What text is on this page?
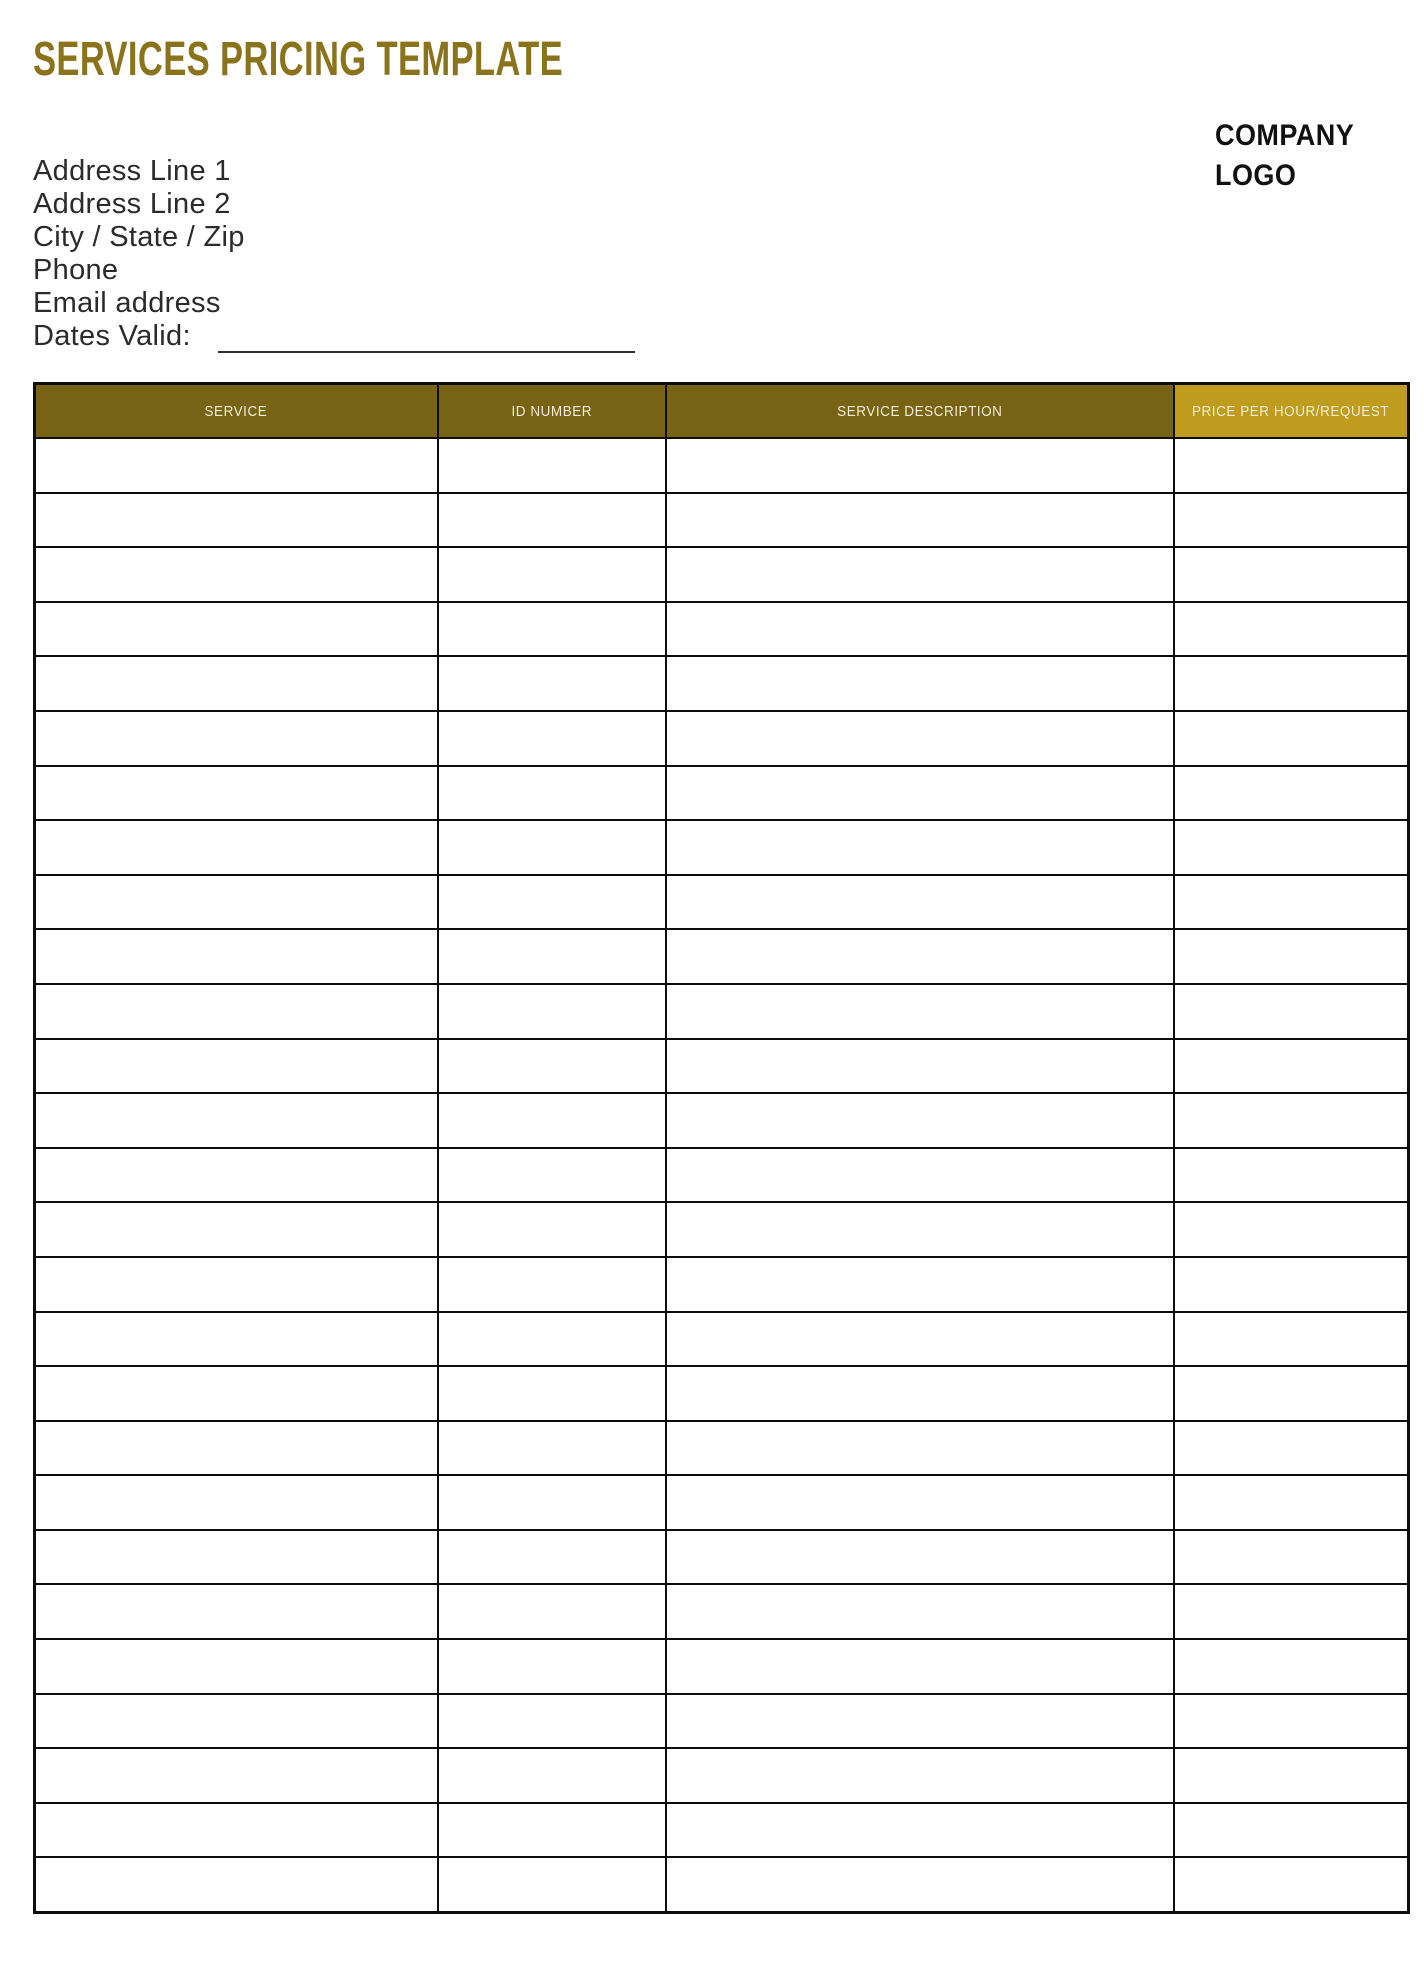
SERVICES PRICING TEMPLATE
COMPANY
LOGO
Address Line 1
Address Line 2
City / State / Zip
Phone
Email address
Dates Valid:
SERVICE	ID NUMBER	SERVICE DESCRIPTION	PRICE PER HOUR/REQUEST
